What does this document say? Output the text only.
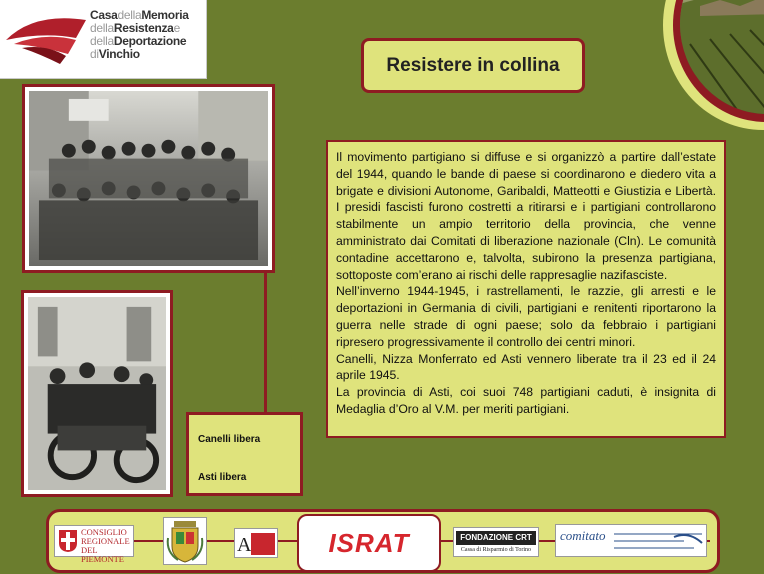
CasadellaMemoria
dellaResistenzae
dellaDeportazione
diVinchio
Resistere in collina
Canelli libera
Asti libera

Il movimento partigiano si diffuse e si organizzò a partire dall’estate del 1944, quando le bande di paese si coordinarono e diedero vita a brigate e divisioni Autonome, Garibaldi, Matteotti e Giustizia e Libertà. I presidi fascisti furono costretti a ritirarsi e i partigiani controllarono stabilmente un ampio territorio della provincia, che venne amministrato dai Comitati di liberazione nazionale (Cln). Le comunità contadine accettarono e, talvolta, subirono la presenza partigiana, sottoposte com’erano ai rischi delle rappresaglie nazifasciste.

Nell’inverno 1944-1945, i rastrellamenti, le razzie, gli arresti e le deportazioni in Germania di civili, partigiani e renitenti riportarono la guerra nelle strade di ogni paese; solo da febbraio i partigiani ripresero progressivamente il controllo dei centri minori.

Canelli, Nizza Monferrato ed Asti vennero liberate tra il 23 ed il 24 aprile 1945.

La provincia di Asti, coi suoi 748 partigiani caduti, è insignita di Medaglia d’Oro al V.M. per meriti partigiani.

CONSIGLIO
REGIONALE
DEL PIEMONTE
A	ISRAT	FONDAZIONE CRT
Cassa di Risparmio di Torino
comitato
